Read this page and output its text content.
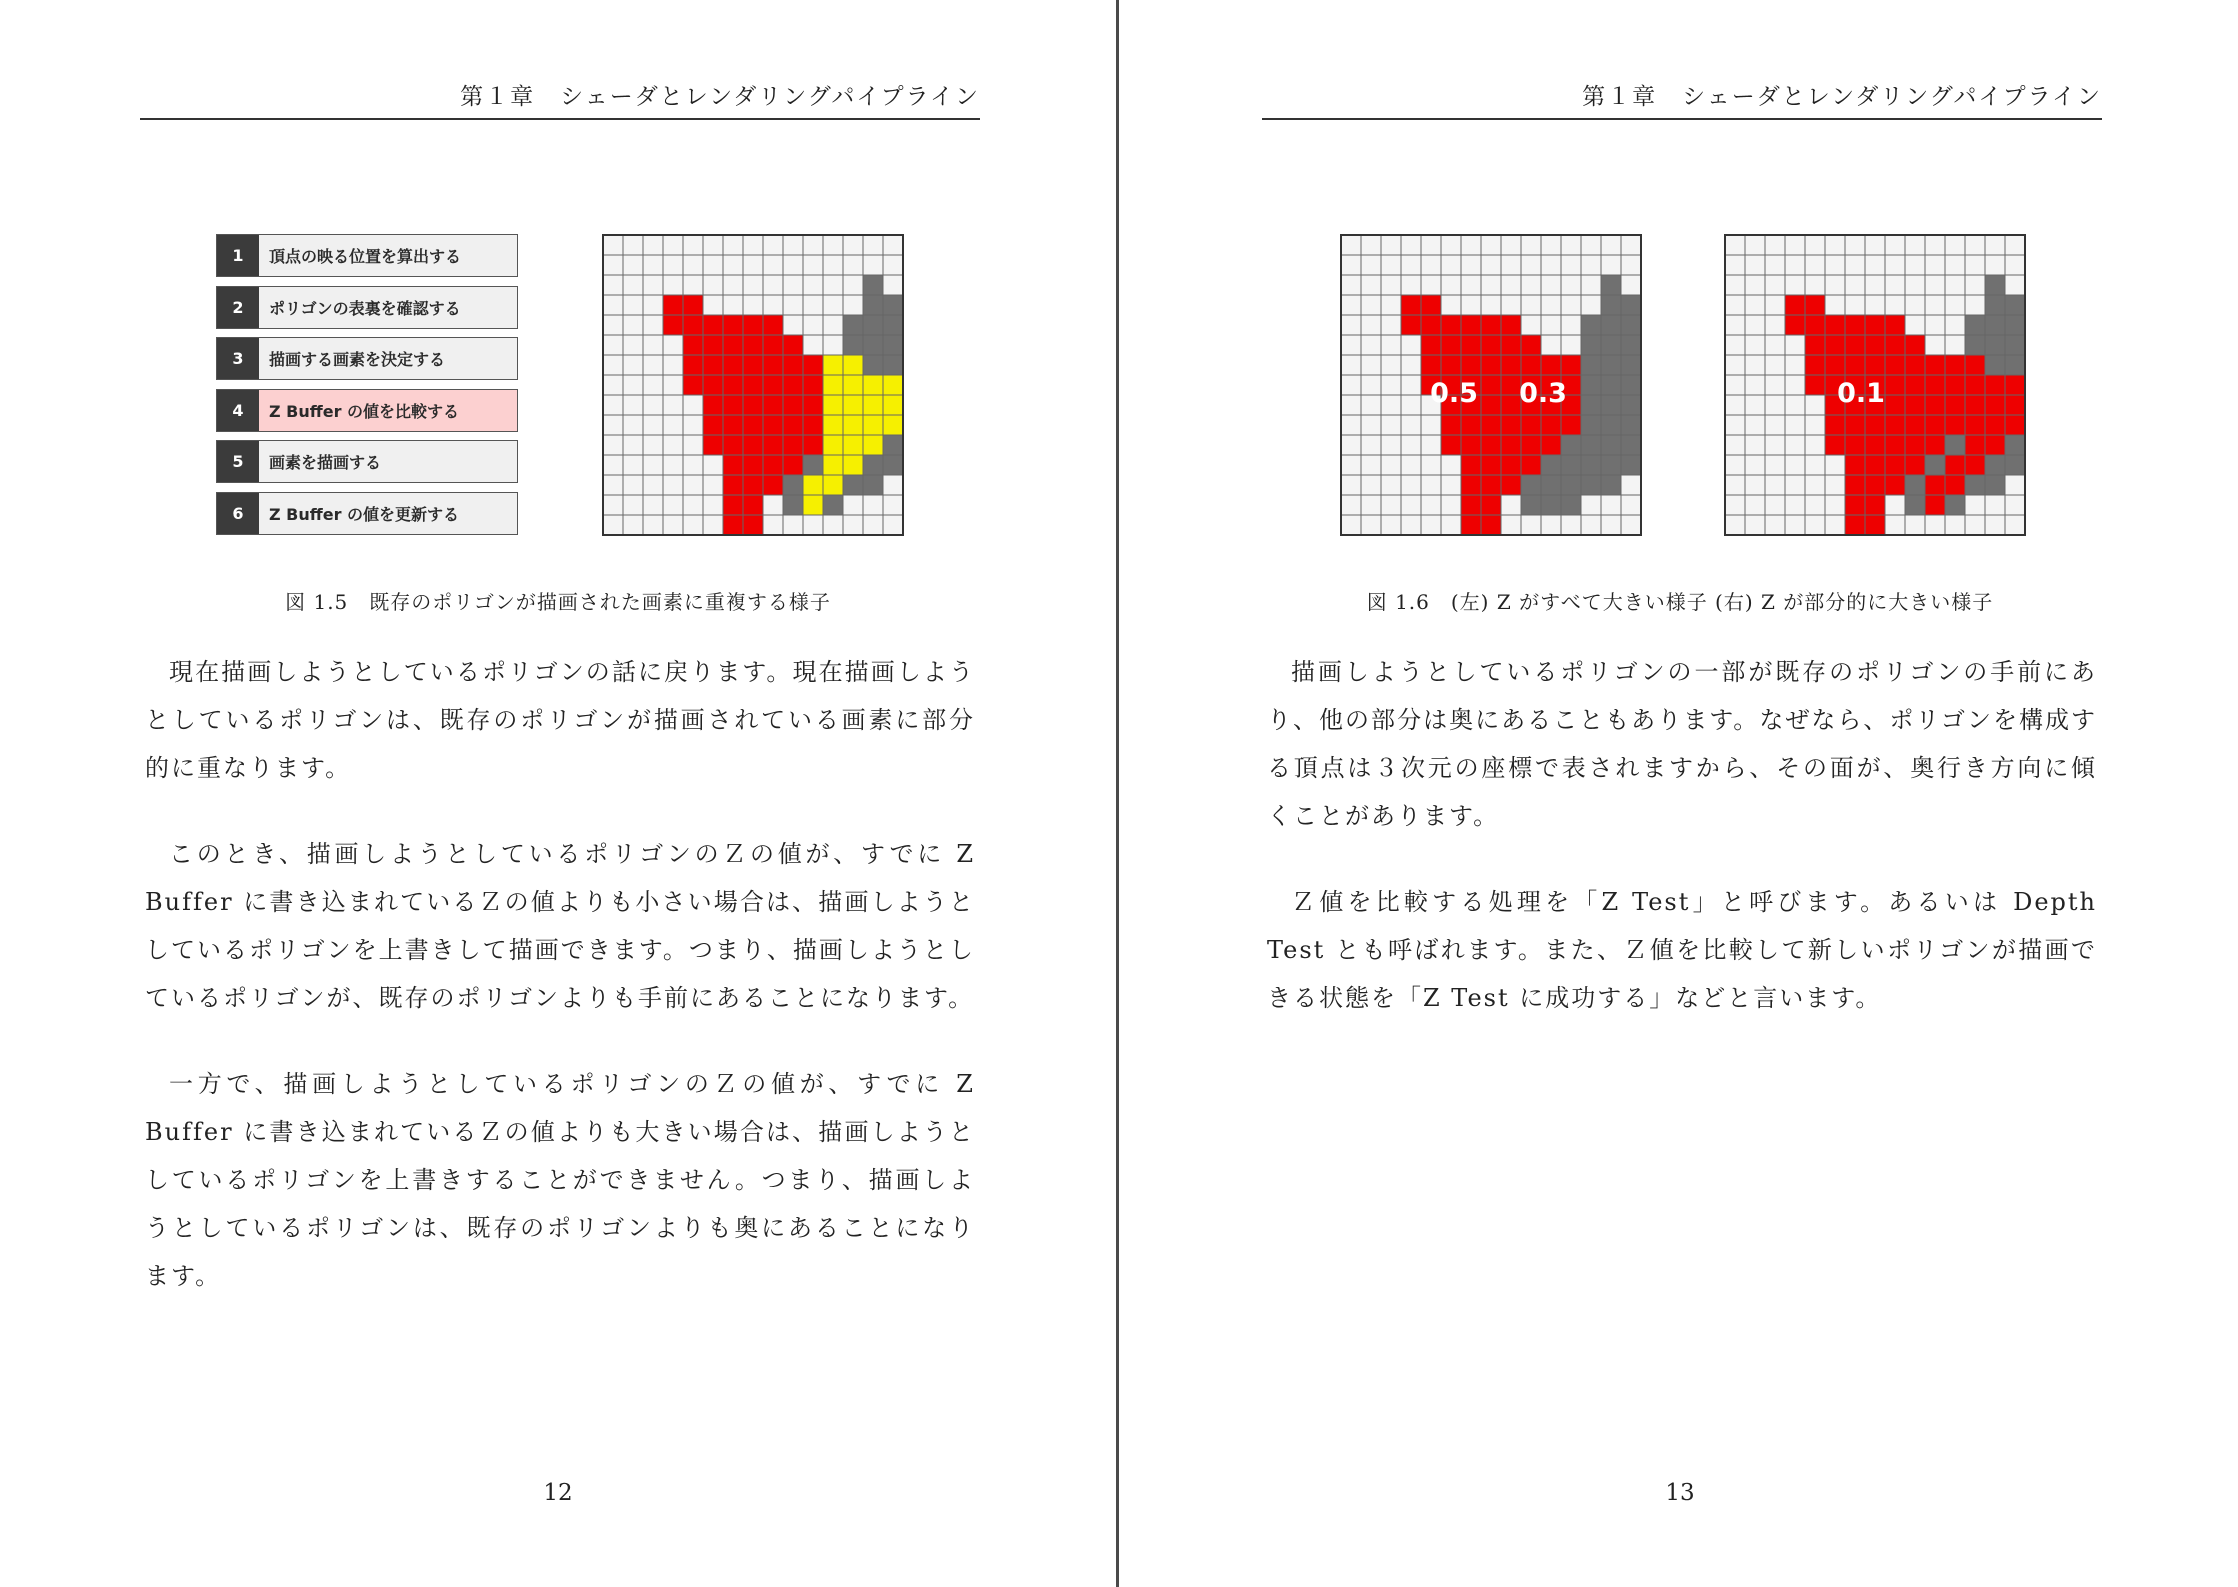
第１章　シェーダとレンダリングパイプライン
1	頂点の映る位置を算出する
2	ポリゴンの表裏を確認する
3	描画する画素を決定する
4	Z Buffer の値を比較する
5	画素を描画する
6	Z Buffer の値を更新する
図 1.5　既存のポリゴンが描画された画素に重複する様子

現在描画しようとしているポリゴンの話に戻ります。現在描画しようとしているポリゴンは、既存のポリゴンが描画されている画素に部分的に重なります。

このとき、描画しようとしているポリゴンのＺの値が、すでに Z Buffer に書き込まれているＺの値よりも小さい場合は、描画しようとしているポリゴンを上書きして描画できます。つまり、描画しようとしているポリゴンが、既存のポリゴンよりも手前にあることになります。

一方で、描画しようとしているポリゴンのＺの値が、すでに Z Buffer に書き込まれているＺの値よりも大きい場合は、描画しようとしているポリゴンを上書きすることができません。つまり、描画しようとしているポリゴンは、既存のポリゴンよりも奥にあることになります。

12
第１章　シェーダとレンダリングパイプライン
0.5 0.3	0.1
図 1.6　(左) Z がすべて大きい様子 (右) Z が部分的に大きい様子

描画しようとしているポリゴンの一部が既存のポリゴンの手前にあり、他の部分は奥にあることもあります。なぜなら、ポリゴンを構成する頂点は３次元の座標で表されますから、その面が、奥行き方向に傾くことがあります。

Ｚ値を比較する処理を「Z Test」と呼びます。あるいは Depth Test とも呼ばれます。また、Ｚ値を比較して新しいポリゴンが描画できる状態を「Z Test に成功する」などと言います。

13
